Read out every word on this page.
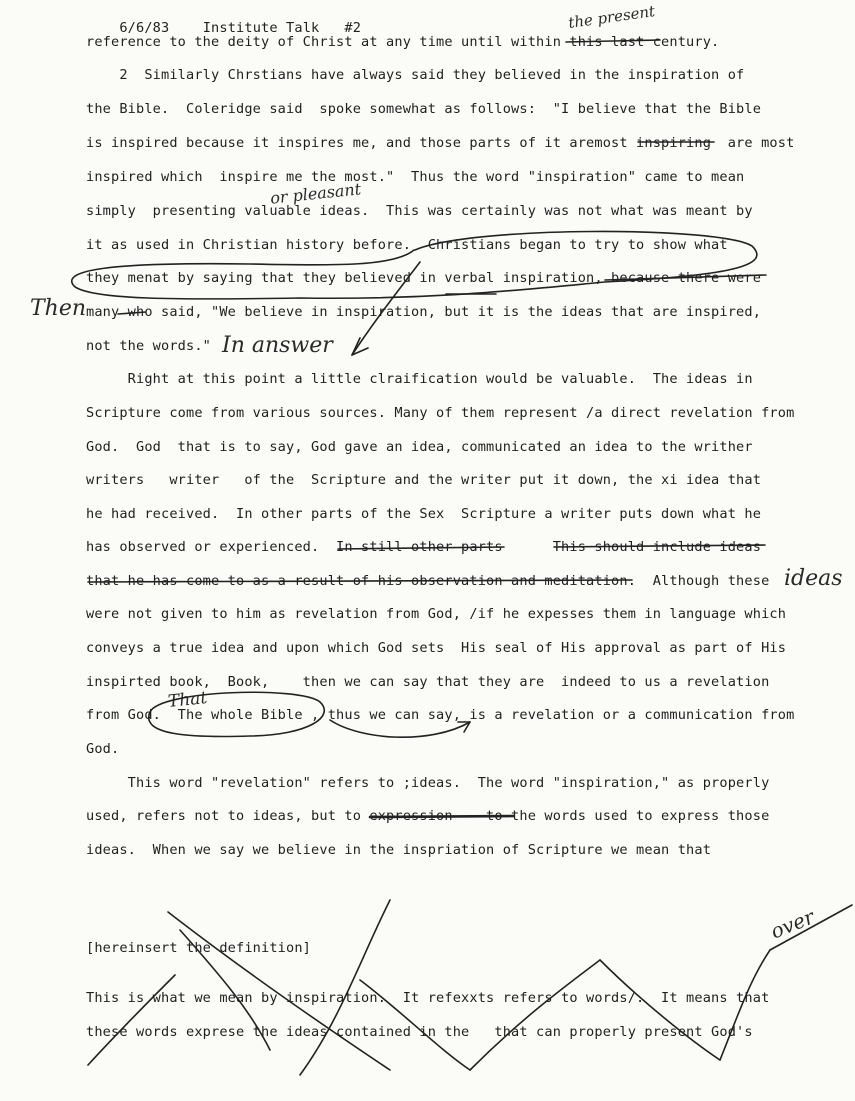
6/6/83 Institute Talk #2

reference to the deity of Christ at any time until within this last century.
2  Similarly Chrstians have always said they believed in the inspiration of
the Bible.  Coleridge said  spoke somewhat as follows:  "I believe that the Bible
is inspired because it inspires me, and those parts of it aremost inspiring  are most
inspired which  inspire me the most."  Thus the word "inspiration" came to mean
simply  presenting valuable ideas.  This was certainly was not what was meant by
it as used in Christian history before.  Christians began to try to show what
they menat by saying that they believed in verbal inspiration, because there were
many who said, "We believe in inspiration, but it is the ideas that are inspired,
not the words."
Right at this point a little clraification would be valuable.  The ideas in
Scripture come from various sources. Many of them represent /a direct revelation from
God.  God  that is to say, God gave an idea, communicated an idea to the writher
writers   writer   of the  Scripture and the writer put it down, the xi idea that
he had received.  In other parts of the Sex  Scripture a writer puts down what he
has observed or experienced.  In still other parts      This should include ideas
that he has come to as a result of his observation and meditation.  Although these
were not given to him as revelation from God, /if he expesses them in language which
conveys a true idea and upon which God sets  His seal of His approval as part of His
inspirted book,  Book,    then we can say that they are  indeed to us a revelation
from God.  The whole Bible , thus we can say, is a revelation or a communication from
God.
This word "revelation" refers to ;ideas.  The word "inspiration," as properly
used, refers not to ideas, but to expression    to the words used to express those
ideas.  When we say we believe in the inspriation of Scripture we mean that
[hereinsert the definition]
This is what we mean by inspiration.  It refexxts refers to words/.  It means that
these words exprese the ideas contained in the   that can properly present God's
the present
or pleasant
Then
In answer
ideas
That
over
